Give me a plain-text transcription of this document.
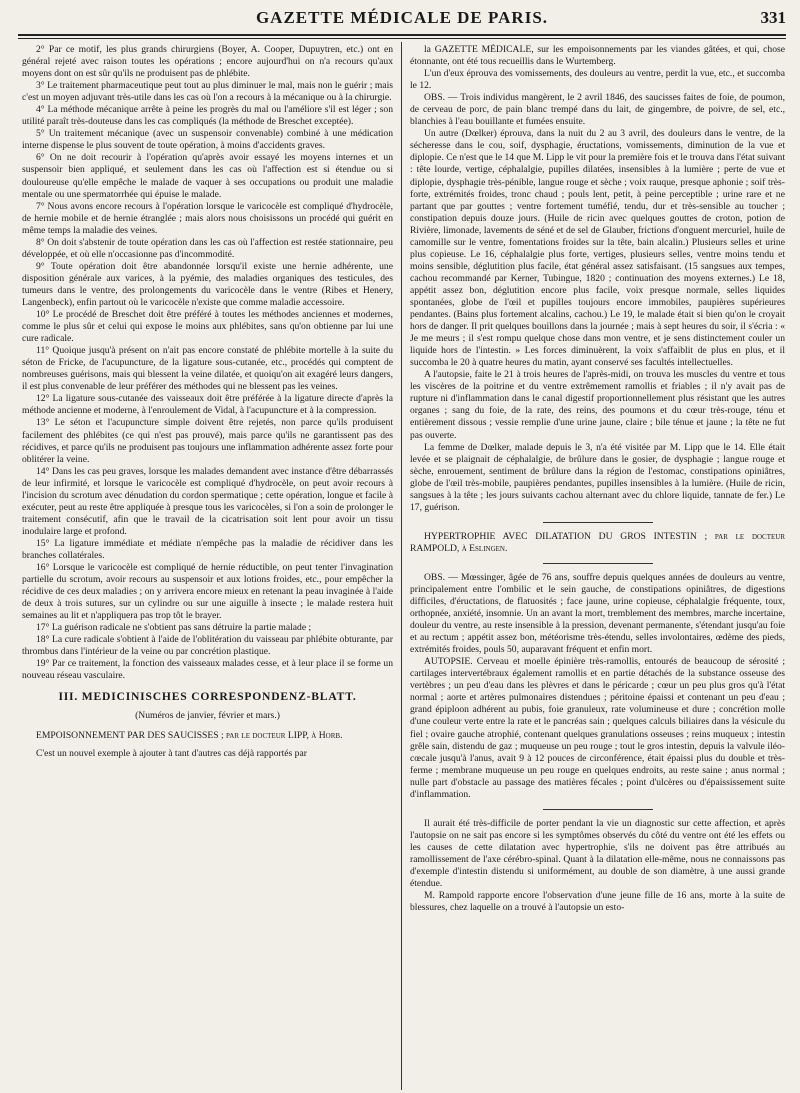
GAZETTE MÉDICALE DE PARIS.	331

2° Par ce motif, les plus grands chirurgiens (Boyer, A. Cooper, Dupuytren, etc.) ont en général rejeté avec raison toutes les opérations ; encore aujourd'hui on n'a recours qu'aux moyens dont on est sûr qu'ils ne produisent pas de phlébite.

3° Le traitement pharmaceutique peut tout au plus diminuer le mal, mais non le guérir ; mais c'est un moyen adjuvant très-utile dans les cas où l'on a recours à la mécanique ou à la chirurgie.

4° La méthode mécanique arrête à peine les progrès du mal ou l'améliore s'il est léger ; son utilité paraît très-douteuse dans les cas compliqués (la méthode de Breschet exceptée).

5° Un traitement mécanique (avec un suspensoir convenable) combiné à une médication interne dispense le plus souvent de toute opération, à moins d'accidents graves.

6° On ne doit recourir à l'opération qu'après avoir essayé les moyens internes et un suspensoir bien appliqué, et seulement dans les cas où l'affection est si étendue ou si douloureuse qu'elle empêche le malade de vaquer à ses occupations ou produit une maladie mentale ou une spermatorrhée qui épuise le malade.

7° Nous avons encore recours à l'opération lorsque le varicocèle est compliqué d'hydrocèle, de hernie mobile et de hernie étranglée ; mais alors nous choisissons un procédé qui guérit en même temps la maladie des veines.

8° On doit s'abstenir de toute opération dans les cas où l'affection est restée stationnaire, peu développée, et où elle n'occasionne pas d'incommodité.

9° Toute opération doit être abandonnée lorsqu'il existe une hernie adhérente, une disposition générale aux varices, à la pyémie, des maladies organiques des testicules, des tumeurs dans le ventre, des prolongements du varicocèle dans le ventre (Ribes et Henery, Langenbeck), enfin partout où le varicocèle n'existe que comme maladie accessoire.

10° Le procédé de Breschet doit être préféré à toutes les méthodes anciennes et modernes, comme le plus sûr et celui qui expose le moins aux phlébites, sans qu'on obtienne par lui une cure radicale.

11° Quoique jusqu'à présent on n'ait pas encore constaté de phlébite mortelle à la suite du séton de Fricke, de l'acupuncture, de la ligature sous-cutanée, etc., procédés qui comptent de nombreuses guérisons, mais qui blessent la veine dilatée, et quoiqu'on ait exagéré leurs dangers, il est plus convenable de leur préférer des méthodes qui ne blessent pas les veines.

12° La ligature sous-cutanée des vaisseaux doit être préférée à la ligature directe d'après la méthode ancienne et moderne, à l'enroulement de Vidal, à l'acupuncture et à la compression.

13° Le séton et l'acupuncture simple doivent être rejetés, non parce qu'ils produisent facilement des phlébites (ce qui n'est pas prouvé), mais parce qu'ils ne garantissent pas des récidives, et parce qu'ils ne produisent pas toujours une inflammation adhérente assez forte pour oblitérer la veine.

14° Dans les cas peu graves, lorsque les malades demandent avec instance d'être débarrassés de leur infirmité, et lorsque le varicocèle est compliqué d'hydrocèle, on peut avoir recours à l'incision du scrotum avec dénudation du cordon spermatique ; cette opération, longue et facile à exécuter, peut au reste être appliquée à presque tous les varicocèles, si l'on a soin de prolonger le traitement consécutif, afin que le travail de la cicatrisation soit lent pour avoir un tissu inodulaire large et profond.

15° La ligature immédiate et médiate n'empêche pas la maladie de récidiver dans les branches collatérales.

16° Lorsque le varicocèle est compliqué de hernie réductible, on peut tenter l'invagination partielle du scrotum, avoir recours au suspensoir et aux lotions froides, etc., pour empêcher la récidive de ces deux maladies ; on y arrivera encore mieux en retenant la peau invaginée à l'aide de deux à trois sutures, sur un cylindre ou sur une aiguille à insecte ; le malade restera huit semaines au lit et n'appliquera pas trop tôt le brayer.

17° La guérison radicale ne s'obtient pas sans détruire la partie malade ;

18° La cure radicale s'obtient à l'aide de l'oblitération du vaisseau par phlébite obturante, par thrombus dans l'intérieur de la veine ou par concrétion plastique.

19° Par ce traitement, la fonction des vaisseaux malades cesse, et à leur place il se forme un nouveau réseau vasculaire.

III. MEDICINISCHES CORRESPONDENZ-BLATT.

(Numéros de janvier, février et mars.)

EMPOISONNEMENT PAR DES SAUCISSES ; par le docteur LIPP, à Horb.

C'est un nouvel exemple à ajouter à tant d'autres cas déjà rapportés par

la GAZETTE MÉDICALE, sur les empoisonnements par les viandes gâtées, et qui, chose étonnante, ont été tous recueillis dans le Wurtemberg.

L'un d'eux éprouva des vomissements, des douleurs au ventre, perdit la vue, etc., et succomba le 12.

OBS. — Trois individus mangèrent, le 2 avril 1846, des saucisses faites de foie, de poumon, de cerveau de porc, de pain blanc trempé dans du lait, de gingembre, de poivre, de sel, etc., blanchies à l'eau bouillante et fumées ensuite.

Un autre (Dœlker) éprouva, dans la nuit du 2 au 3 avril, des douleurs dans le ventre, de la sécheresse dans le cou, soif, dysphagie, éructations, vomissements, diminution de la vue et diplopie. Ce n'est que le 14 que M. Lipp le vit pour la première fois et le trouva dans l'état suivant : tête lourde, vertige, céphalalgie, pupilles dilatées, insensibles à la lumière ; perte de vue et diplopie, dysphagie très-pénible, langue rouge et sèche ; voix rauque, presque aphonie ; soif très-forte, extrémités froides, tronc chaud ; pouls lent, petit, à peine perceptible ; urine rare et ne partant que par gouttes ; ventre fortement tuméfié, tendu, dur et très-sensible au toucher ; constipation depuis douze jours. (Huile de ricin avec quelques gouttes de croton, potion de Rivière, limonade, lavements de séné et de sel de Glauber, frictions d'onguent mercuriel, huile de camomille sur le ventre, fomentations froides sur la tête, bain alcalin.) Plusieurs selles et urine plus copieuse. Le 16, céphalalgie plus forte, vertiges, plusieurs selles, ventre moins tendu et moins sensible, déglutition plus facile, état général assez satisfaisant. (15 sangsues aux tempes, cachou recommandé par Kerner, Tubingue, 1820 ; continuation des moyens externes.) Le 18, appétit assez bon, déglutition encore plus facile, voix presque normale, selles liquides spontanées, globe de l'œil et pupilles toujours encore immobiles, paupières supérieures pendantes. (Bains plus fortement alcalins, cachou.) Le 19, le malade était si bien qu'on le croyait hors de danger. Il prit quelques bouillons dans la journée ; mais à sept heures du soir, il s'écria : « Je me meurs ; il s'est rompu quelque chose dans mon ventre, et je sens distinctement couler un liquide hors de l'intestin. » Les forces diminuèrent, la voix s'affaiblit de plus en plus, et il succomba le 20 à quatre heures du matin, ayant conservé ses facultés intellectuelles.

A l'autopsie, faite le 21 à trois heures de l'après-midi, on trouva les muscles du ventre et tous les viscères de la poitrine et du ventre extrêmement ramollis et friables ; il n'y avait pas de rupture ni d'inflammation dans le canal digestif proportionnellement plus résistant que les autres organes ; sang du foie, de la rate, des reins, des poumons et du cœur très-rouge, ténu et entièrement dissous ; vessie remplie d'une urine jaune, claire ; bile ténue et jaune ; la tête ne fut pas ouverte.

La femme de Dœlker, malade depuis le 3, n'a été visitée par M. Lipp que le 14. Elle était levée et se plaignait de céphalalgie, de brûlure dans le gosier, de dysphagie ; langue rouge et sèche, enrouement, sentiment de brûlure dans la région de l'estomac, constipations opiniâtres, globe de l'œil très-mobile, paupières pendantes, pupilles insensibles à la lumière. (Huile de ricin, sangsues à la tête ; les jours suivants cachou alternant avec du chlore liquide, tannate de fer.) Le 17, guérison.

HYPERTROPHIE AVEC DILATATION DU GROS INTESTIN ; par le docteur RAMPOLD, à Eslingen.

OBS. — Mœssinger, âgée de 76 ans, souffre depuis quelques années de douleurs au ventre, principalement entre l'ombilic et le sein gauche, de constipations opiniâtres, de digestions difficiles, d'éructations, de flatuosités ; face jaune, urine copieuse, céphalalgie fréquente, toux, orthopnée, anxiété, insomnie. Un an avant la mort, tremblement des membres, marche incertaine, douleur du ventre, au reste insensible à la pression, devenant permanente, s'étendant jusqu'au foie et au rectum ; appétit assez bon, météorisme très-étendu, selles involontaires, œdème des pieds, extrémités froides, pouls 50, auparavant fréquent et enfin mort.

AUTOPSIE. Cerveau et moelle épinière très-ramollis, entourés de beaucoup de sérosité ; cartilages intervertébraux également ramollis et en partie détachés de la substance osseuse des vertèbres ; un peu d'eau dans les plèvres et dans le péricarde ; cœur un peu plus gros qu'à l'état normal ; aorte et artères pulmonaires distendues ; péritoine épaissi et contenant un peu d'eau ; grand épiploon adhérent au pubis, foie granuleux, rate volumineuse et dure ; concrétion molle d'une couleur verte entre la rate et le pancréas sain ; quelques calculs biliaires dans la vésicule du fiel ; ovaire gauche atrophié, contenant quelques granulations osseuses ; reins muqueux ; intestin grêle sain, distendu de gaz ; muqueuse un peu rouge ; tout le gros intestin, depuis la valvule iléo-cœcale jusqu'à l'anus, avait 9 à 12 pouces de circonférence, était épaissi plus du double et très-ferme ; membrane muqueuse un peu rouge en quelques endroits, au reste saine ; anus normal ; nulle part d'obstacle au passage des matières fécales ; point d'ulcères ou d'épaississement suite d'inflammation.

Il aurait été très-difficile de porter pendant la vie un diagnostic sur cette affection, et après l'autopsie on ne sait pas encore si les symptômes observés du côté du ventre ont été les effets ou les causes de cette dilatation avec hypertrophie, s'ils ne doivent pas être attribués au ramollissement de l'axe cérébro-spinal. Quant à la dilatation elle-même, nous ne connaissons pas d'exemple d'intestin distendu si uniformément, au double de son diamètre, à une aussi grande étendue.

M. Rampold rapporte encore l'observation d'une jeune fille de 16 ans, morte à la suite de blessures, chez laquelle on a trouvé à l'autopsie un esto-
